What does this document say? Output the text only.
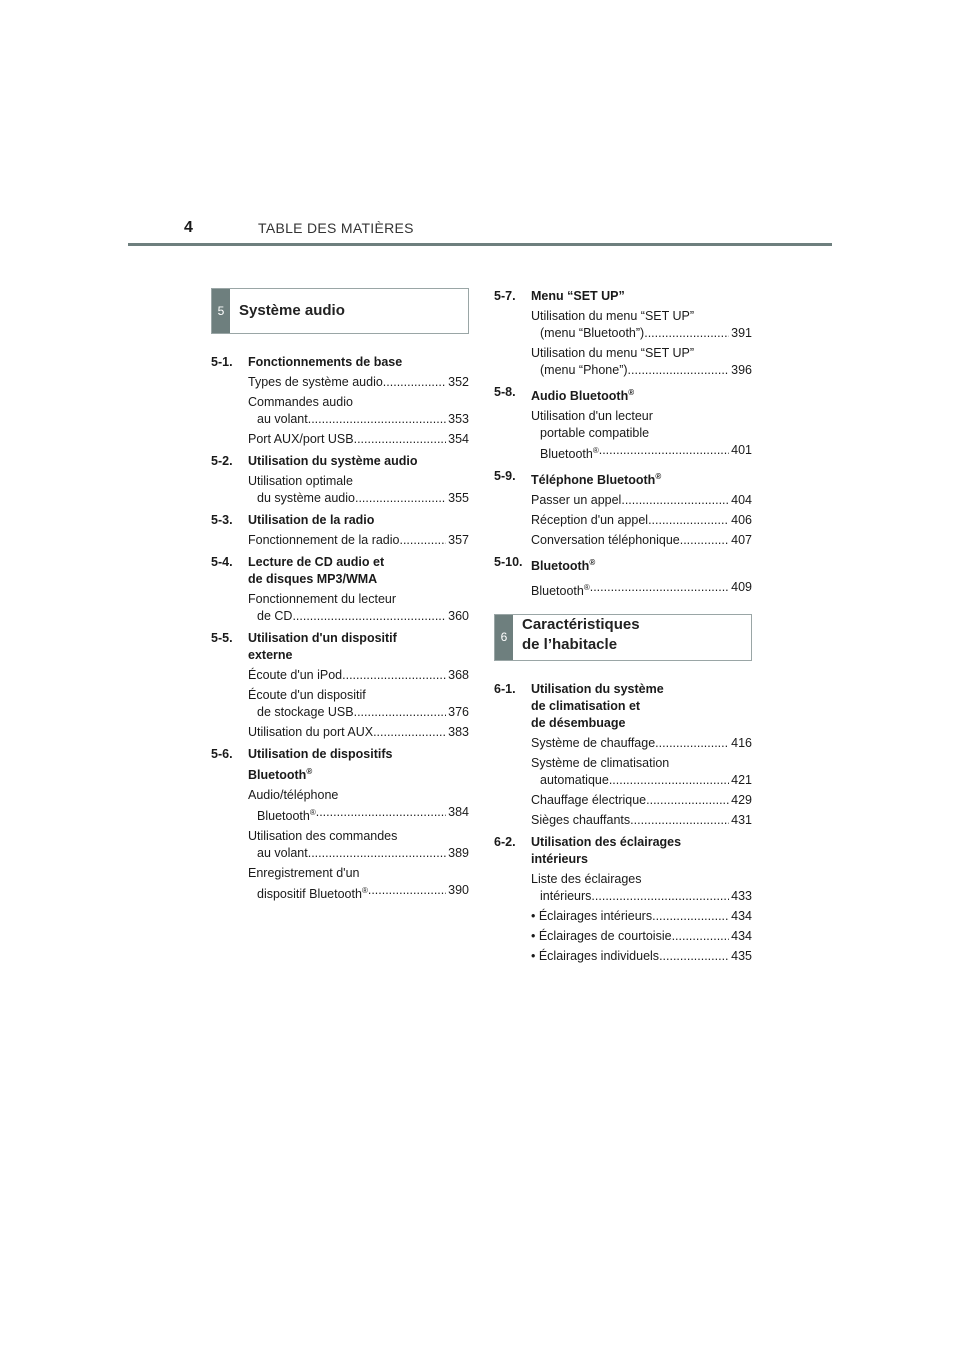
4	TABLE DES MATIÈRES
5 Système audio
5-1.	Fonctionnements de base
Types de système audio .....	352
Commandes audio
au volant .....	353
Port AUX/port USB .....	354
5-2.	Utilisation du système audio
Utilisation optimale
du système audio .....	355
5-3.	Utilisation de la radio
Fonctionnement de la radio .....	357
5-4.	Lecture de CD audio et
de disques MP3/WMA
Fonctionnement du lecteur
de CD .....	360
5-5.	Utilisation d'un dispositif
externe
Écoute d'un iPod .....	368
Écoute d'un dispositif
de stockage USB .....	376
Utilisation du port AUX .....	383
5-6.	Utilisation de dispositifs
Bluetooth®
Audio/téléphone
Bluetooth® .....	384
Utilisation des commandes
au volant .....	389
Enregistrement d'un
dispositif Bluetooth® .....	390
5-7.	Menu “SET UP”
Utilisation du menu “SET UP”
(menu “Bluetooth”) .....	391
Utilisation du menu “SET UP”
(menu “Phone”) .....	396
5-8.	Audio Bluetooth®
Utilisation d'un lecteur
portable compatible
Bluetooth® .....	401
5-9.	Téléphone Bluetooth®
Passer un appel .....	404
Réception d'un appel .....	406
Conversation téléphonique .....	407
5-10. Bluetooth®
Bluetooth® .....	409
6
Caractéristiques
de l’habitacle
6-1.	Utilisation du système
de climatisation et
de désembuage
Système de chauffage .....	416
Système de climatisation
automatique .....	421
Chauffage électrique .....	429
Sièges chauffants .....	431
6-2.	Utilisation des éclairages
intérieurs
Liste des éclairages
intérieurs .....	433
• Éclairages intérieurs .....	434
• Éclairages de courtoisie .....	434
• Éclairages individuels .....	435
